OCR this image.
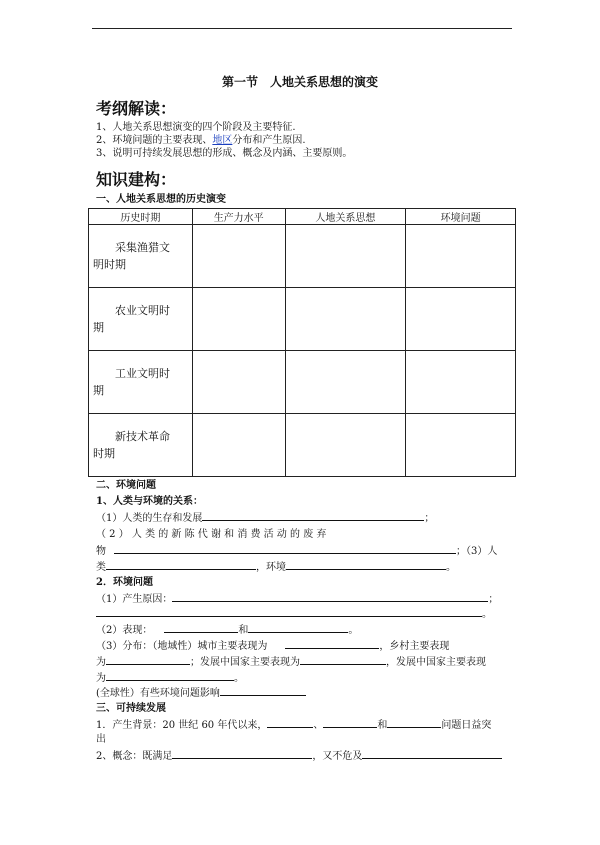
第一节　人地关系思想的演变
考纲解读：
1、人地关系思想演变的四个阶段及主要特征.
2、环境问题的主要表现、地区分布和产生原因.
3、说明可持续发展思想的形成、概念及内涵、主要原则。
知识建构：
一、人地关系思想的历史演变
历史时期	生产力水平	人地关系思想	环境问题

采集渔猎文
明时期			

农业文明时
期			

工业文明时
期			

新技术革命
时期			
二、环境问题
1、人类与环境的关系：
（1）人类的生存和发展	；
（ 2 ） 人 类 的 新 陈 代 谢 和 消 费 活 动 的 废 弃
物	；（3）人
类	，环境	。
2．环境问题
（1）产生原因：	；
。
（2）表现：	和	。
（3）分布：（地域性）城市主要表现为	，乡村主要表现
为	；发展中国家主要表现为	，发展中国家主要表现
为	。
(全球性）有些环境问题影响
三、可持续发展
1．产生背景：20 世纪 60 年代以来，	、	和	问题日益突
出
2、概念：既满足	，又不危及
